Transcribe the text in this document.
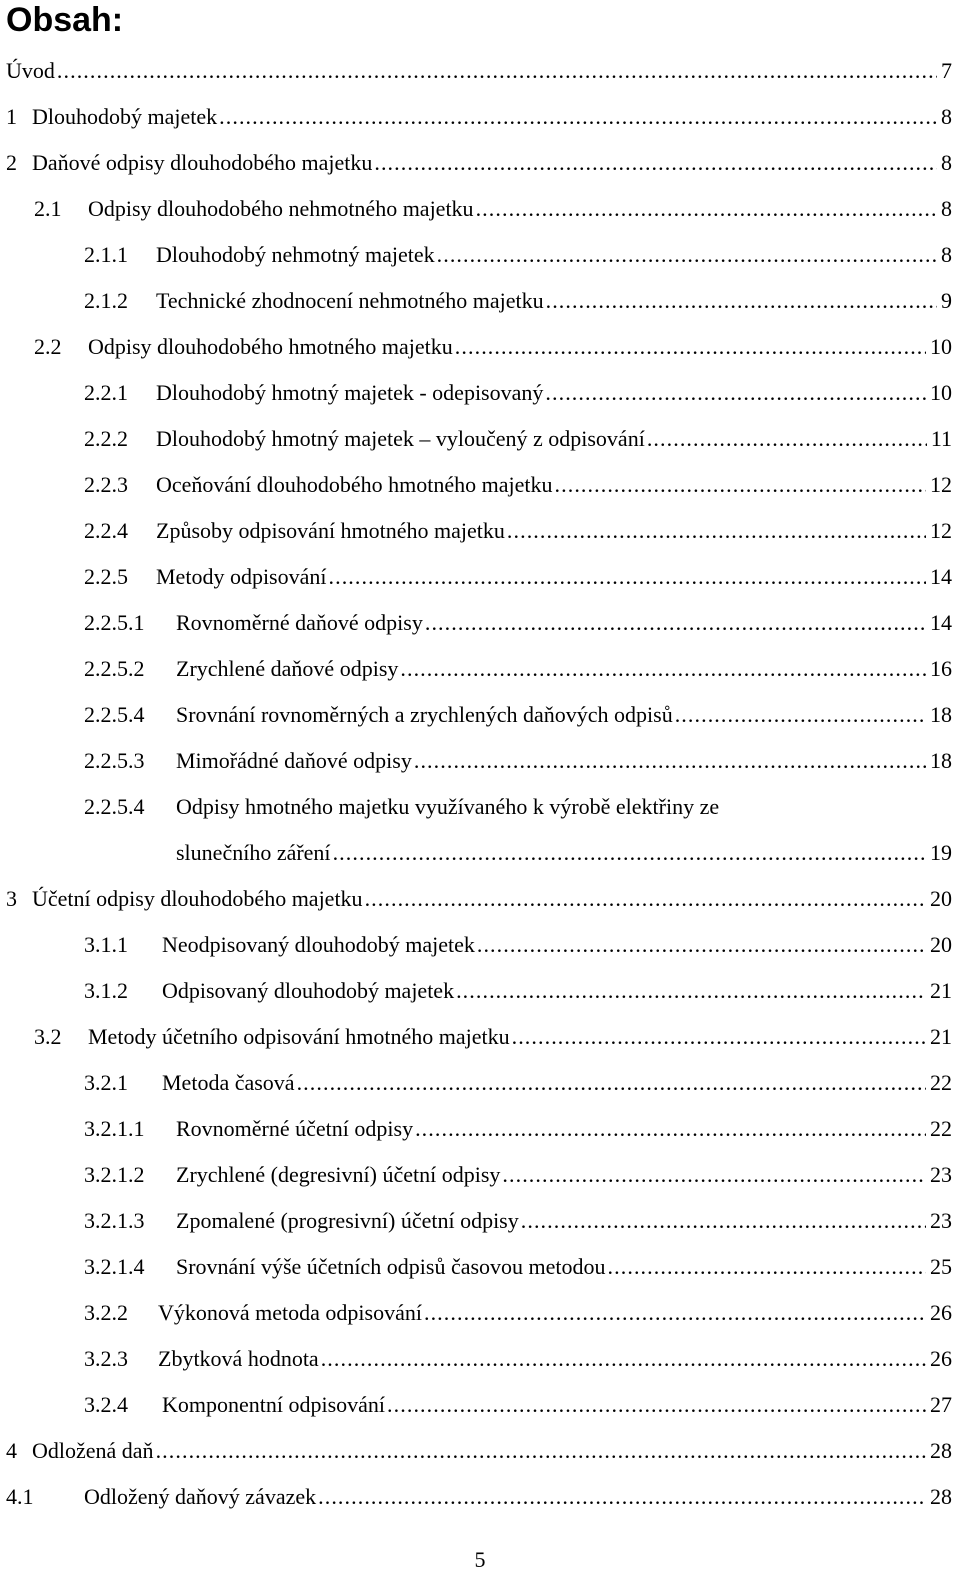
Obsah:
Úvod . . .	7
1 Dlouhodobý majetek . . .	8
2 Daňové odpisy dlouhodobého majetku . . .	8
2.1 Odpisy dlouhodobého nehmotného majetku . . .	8
2.1.1 Dlouhodobý nehmotný majetek . . .	8
2.1.2 Technické zhodnocení nehmotného majetku . . .	9
2.2 Odpisy dlouhodobého hmotného majetku . . .	10
2.2.1 Dlouhodobý hmotný majetek - odepisovaný . . .	10
2.2.2 Dlouhodobý hmotný majetek – vyloučený z odpisování . . .	11
2.2.3 Oceňování dlouhodobého hmotného majetku . . .	12
2.2.4 Způsoby odpisování hmotného majetku . . .	12
2.2.5 Metody odpisování . . .	14
2.2.5.1 Rovnoměrné daňové odpisy . . .	14
2.2.5.2 Zrychlené daňové odpisy . . .	16
2.2.5.4 Srovnání rovnoměrných a zrychlených daňových odpisů . . .	18
2.2.5.3 Mimořádné daňové odpisy . . .	18
2.2.5.4 Odpisy hmotného majetku využívaného k výrobě elektřiny ze
slunečního záření . . .	19
3 Účetní odpisy dlouhodobého majetku . . .	20
3.1.1 Neodpisovaný dlouhodobý majetek . . .	20
3.1.2 Odpisovaný dlouhodobý majetek . . .	21
3.2 Metody účetního odpisování hmotného majetku . . .	21
3.2.1 Metoda časová . . .	22
3.2.1.1 Rovnoměrné účetní odpisy . . .	22
3.2.1.2 Zrychlené (degresivní) účetní odpisy . . .	23
3.2.1.3 Zpomalené (progresivní) účetní odpisy . . .	23
3.2.1.4 Srovnání výše účetních odpisů časovou metodou . . .	25
3.2.2 Výkonová metoda odpisování . . .	26
3.2.3 Zbytková hodnota . . .	26
3.2.4 Komponentní odpisování . . .	27
4 Odložená daň . . .	28
4.1 Odložený daňový závazek . . .	28
5
